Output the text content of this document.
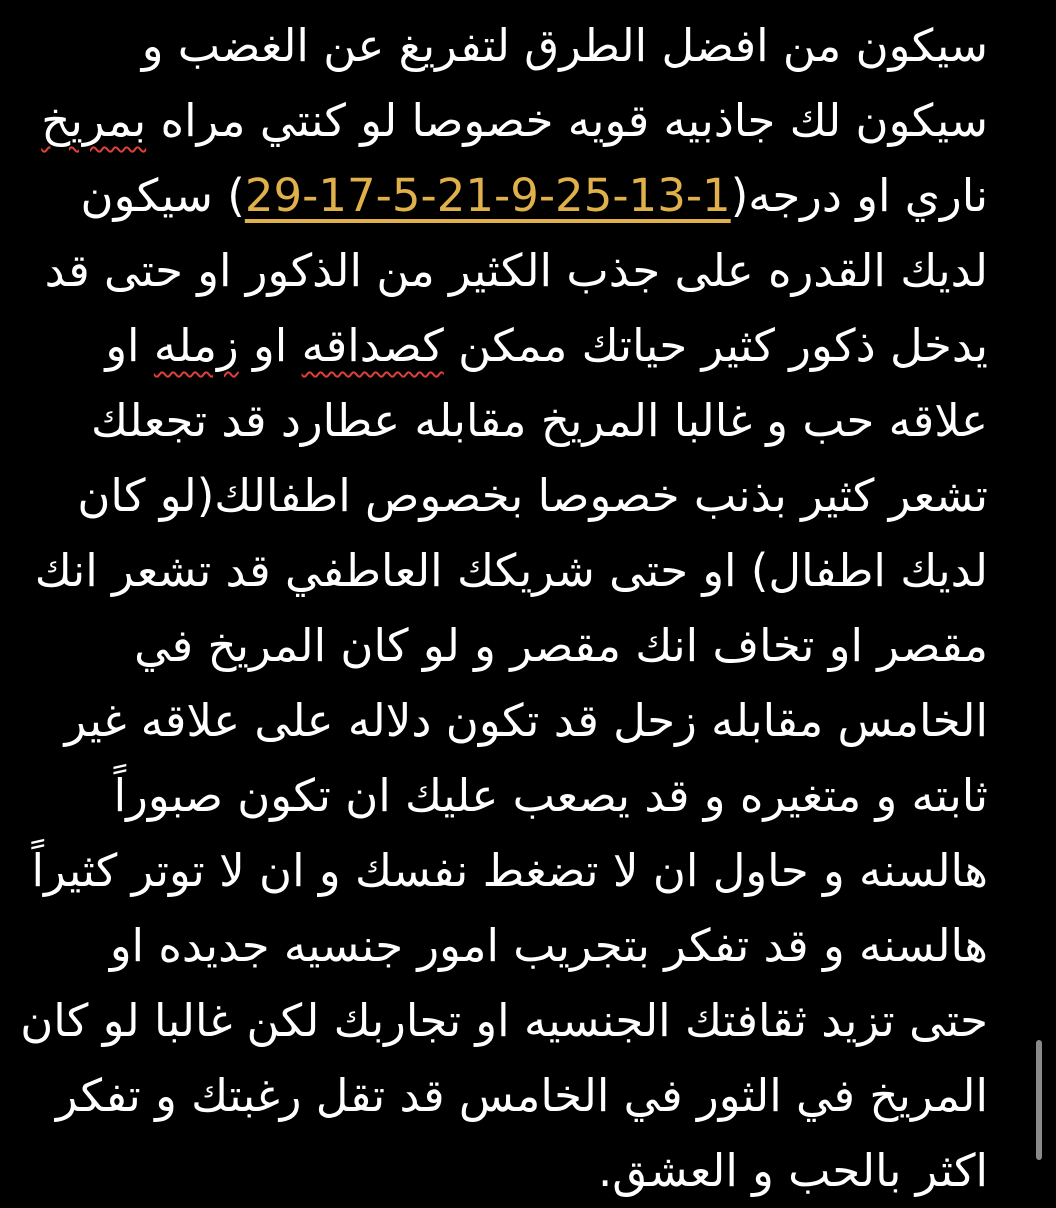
سيكون من افضل الطرق لتفريغ عن الغضب و
سيكون لك جاذبيه قويه خصوصا لو كنتي مراه بمريخ
ناري او درجه(29-17-5-21-9-25-13-1) سيكون
لديك القدره على جذب الكثير من الذكور او حتى قد
يدخل ذكور كثير حياتك ممكن كصداقه او زمله او
علاقه حب و غالبا المريخ مقابله عطارد قد تجعلك
تشعر كثير بذنب خصوصا بخصوص اطفالك(لو كان
لديك اطفال) او حتى شريكك العاطفي قد تشعر انك
مقصر او تخاف انك مقصر و لو كان المريخ في
الخامس مقابله زحل قد تكون دلاله على علاقه غير
ثابته و متغيره و قد يصعب عليك ان تكون صبوراً
هالسنه و حاول ان لا تضغط نفسك و ان لا توتر كثيراً
هالسنه و قد تفكر بتجريب امور جنسيه جديده او
حتى تزيد ثقافتك الجنسيه او تجاربك لكن غالبا لو كان
المريخ في الثور في الخامس قد تقل رغبتك و تفكر
اكثر بالحب و العشق.
